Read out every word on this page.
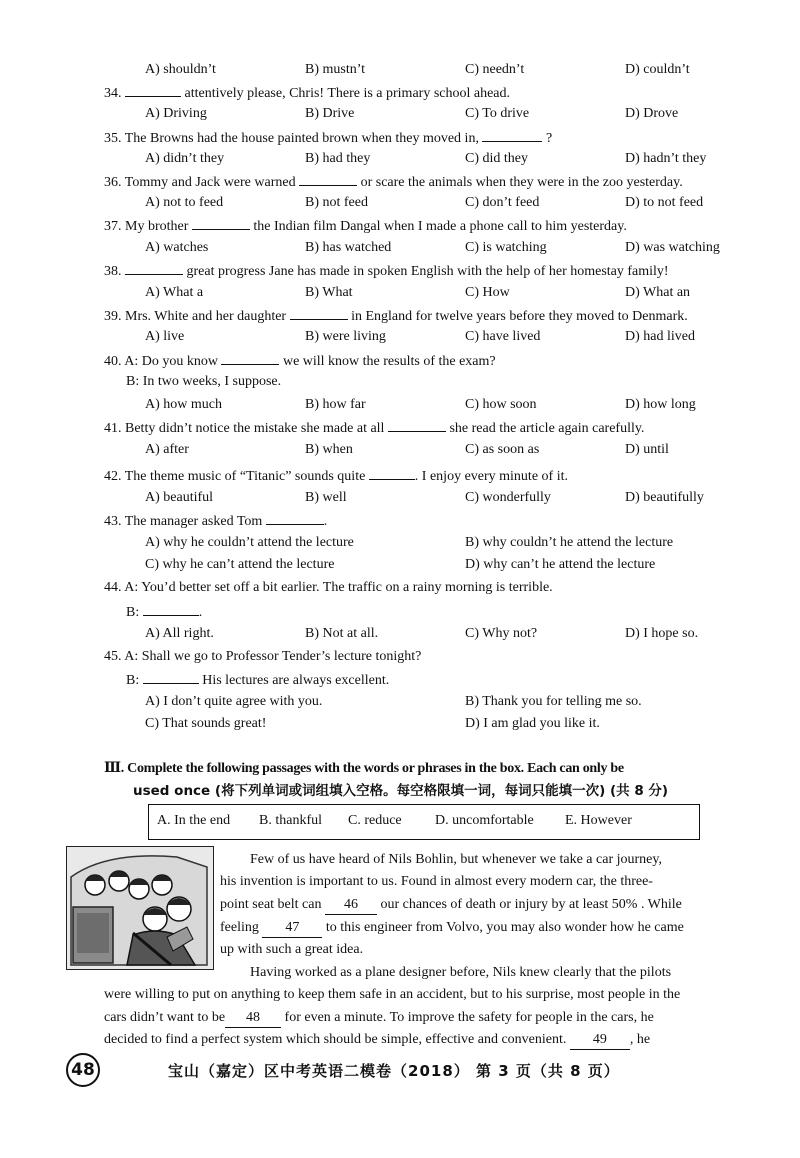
A) shouldn’t	B) mustn’t	C) needn’t	D) couldn’t
34.	attentively please, Chris! There is a primary school ahead.
A) Driving	B) Drive	C) To drive	D) Drove
35. The Browns had the house painted brown when they moved in,	?
A) didn’t they	B) had they	C) did they	D) hadn’t they
36. Tommy and Jack were warned	or scare the animals when they were in the zoo yesterday.
A) not to feed	B) not feed	C) don’t feed	D) to not feed
37. My brother	the Indian film Dangal when I made a phone call to him yesterday.
A) watches	B) has watched	C) is watching	D) was watching
38.	great progress Jane has made in spoken English with the help of her homestay family!
A) What a	B) What	C) How	D) What an
39. Mrs. White and her daughter	in England for twelve years before they moved to Denmark.
A) live	B) were living	C) have lived	D) had lived
40. A: Do you know	we will know the results of the exam?
B: In two weeks, I suppose.
A) how much	B) how far	C) how soon	D) how long
41. Betty didn’t notice the mistake she made at all	she read the article again carefully.
A) after	B) when	C) as soon as	D) until
42. The theme music of “Titanic” sounds quite	. I enjoy every minute of it.
A) beautiful	B) well	C) wonderfully	D) beautifully
43. The manager asked Tom	.
A) why he couldn’t attend the lecture	B) why couldn’t he attend the lecture
C) why he can’t attend the lecture	D) why can’t he attend the lecture
44. A: You’d better set off a bit earlier. The traffic on a rainy morning is terrible.
B:	.
A) All right.	B) Not at all.	C) Why not?	D) I hope so.
45. A: Shall we go to Professor Tender’s lecture tonight?
B:	His lectures are always excellent.
A) I don’t quite agree with you.	B) Thank you for telling me so.
C) That sounds great!	D) I am glad you like it.
Ⅲ. Complete the following passages with the words or phrases in the box. Each can only be
used once (将下列单词或词组填入空格。每空格限填一词，每词只能填一次) (共 8 分)
A. In the end B. thankful C. reduce D. uncomfortable E. However
Few of us have heard of Nils Bohlin, but whenever we take a car journey,
his invention is important to us. Found in almost every modern car, the three-
point seat belt can 46 our chances of death or injury by at least 50% . While
feeling 47 to this engineer from Volvo, you may also wonder how he came
up with such a great idea.
Having worked as a plane designer before, Nils knew clearly that the pilots
were willing to put on anything to keep them safe in an accident, but to his surprise, most people in the
cars didn’t want to be 48 for even a minute. To improve the safety for people in the cars, he
decided to find a perfect system which should be simple, effective and convenient. 49 , he
48	宝山（嘉定）区中考英语二模卷（2018） 第 3 页（共 8 页）
